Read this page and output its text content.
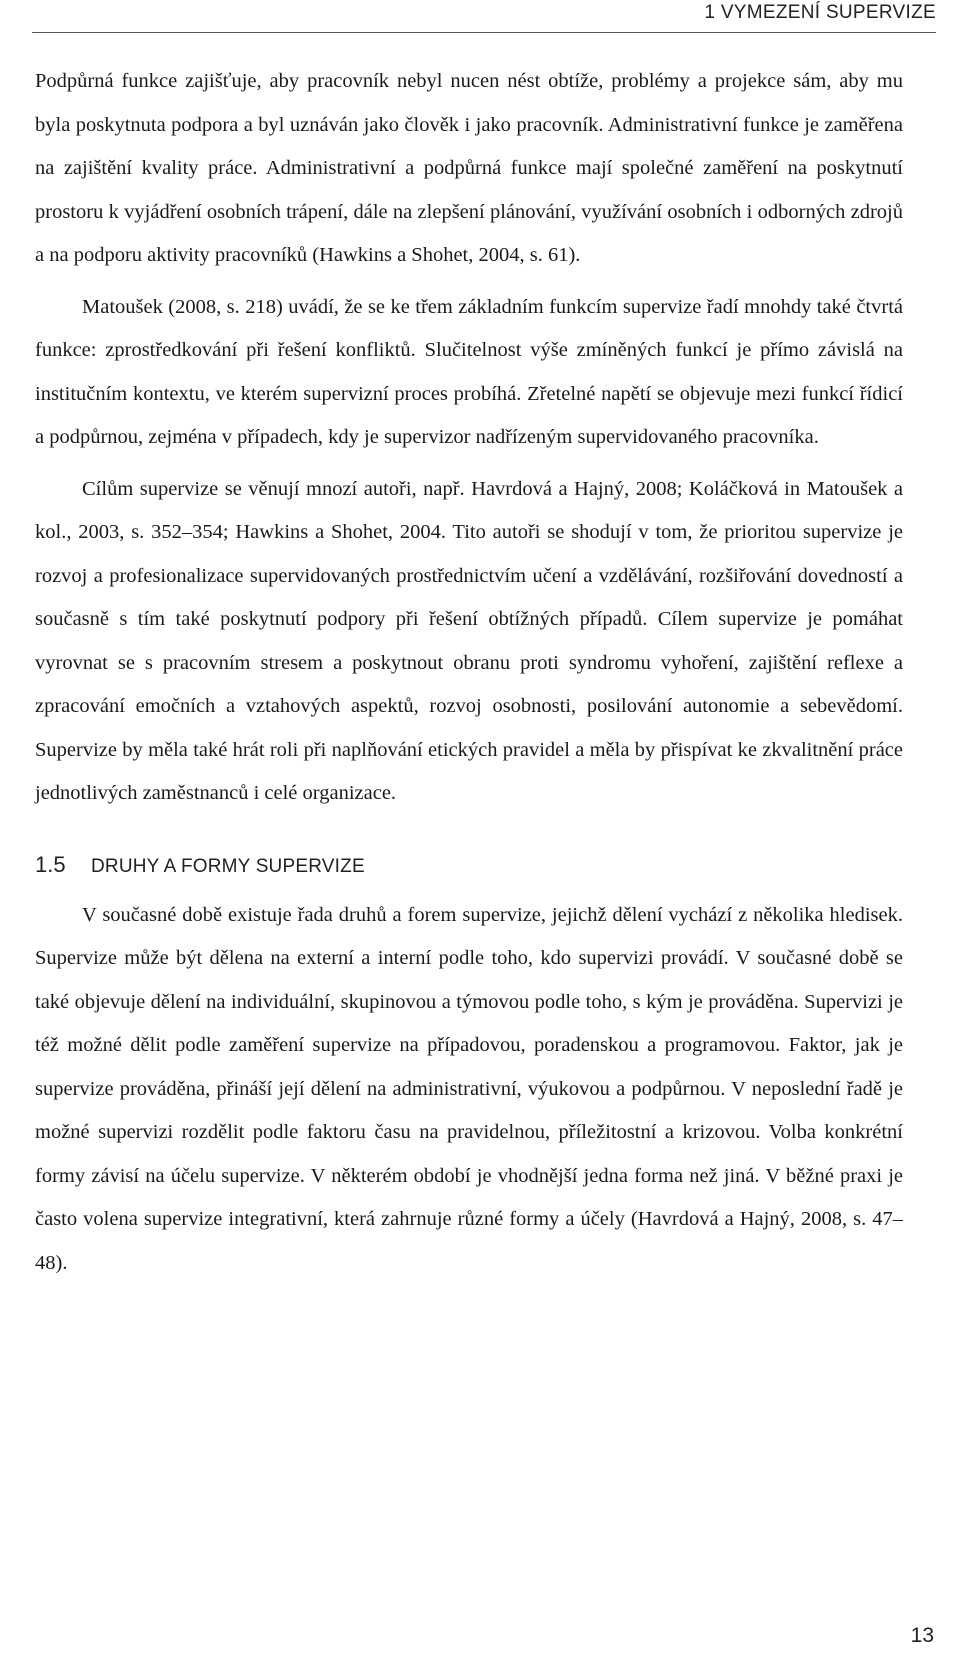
1 VYMEZENÍ SUPERVIZE

Podpůrná funkce zajišťuje, aby pracovník nebyl nucen nést obtíže, problémy a projekce sám, aby mu byla poskytnuta podpora a byl uznáván jako člověk i jako pracovník. Administrativní funkce je zaměřena na zajištění kvality práce. Administrativní a podpůrná funkce mají společné zaměření na poskytnutí prostoru k vyjádření osobních trápení, dále na zlepšení plánování, využívání osobních i odborných zdrojů a na podporu aktivity pracovníků (Hawkins a Shohet, 2004, s. 61).

Matoušek (2008, s. 218) uvádí, že se ke třem základním funkcím supervize řadí mnohdy také čtvrtá funkce: zprostředkování při řešení konfliktů. Slučitelnost výše zmíněných funkcí je přímo závislá na institučním kontextu, ve kterém supervizní proces probíhá. Zřetelné napětí se objevuje mezi funkcí řídicí a podpůrnou, zejména v případech, kdy je supervizor nadřízeným supervidovaného pracovníka.

Cílům supervize se věnují mnozí autoři, např. Havrdová a Hajný, 2008; Koláčková in Matoušek a kol., 2003, s. 352–354; Hawkins a Shohet, 2004. Tito autoři se shodují v tom, že prioritou supervize je rozvoj a profesionalizace supervidovaných prostřednictvím učení a vzdělávání, rozšiřování dovedností a současně s tím také poskytnutí podpory při řešení obtížných případů. Cílem supervize je pomáhat vyrovnat se s pracovním stresem a poskytnout obranu proti syndromu vyhoření, zajištění reflexe a zpracování emočních a vztahových aspektů, rozvoj osobnosti, posilování autonomie a sebevědomí. Supervize by měla také hrát roli při naplňování etických pravidel a měla by přispívat ke zkvalitnění práce jednotlivých zaměstnanců i celé organizace.

1.5 DRUHY A FORMY SUPERVIZE

V současné době existuje řada druhů a forem supervize, jejichž dělení vychází z několika hledisek. Supervize může být dělena na externí a interní podle toho, kdo supervizi provádí. V současné době se také objevuje dělení na individuální, skupinovou a týmovou podle toho, s kým je prováděna. Supervizi je též možné dělit podle zaměření supervize na případovou, poradenskou a programovou. Faktor, jak je supervize prováděna, přináší její dělení na administrativní, výukovou a podpůrnou. V neposlední řadě je možné supervizi rozdělit podle faktoru času na pravidelnou, příležitostní a krizovou. Volba konkrétní formy závisí na účelu supervize. V některém období je vhodnější jedna forma než jiná. V běžné praxi je často volena supervize integrativní, která zahrnuje různé formy a účely (Havrdová a Hajný, 2008, s. 47–48).

13
